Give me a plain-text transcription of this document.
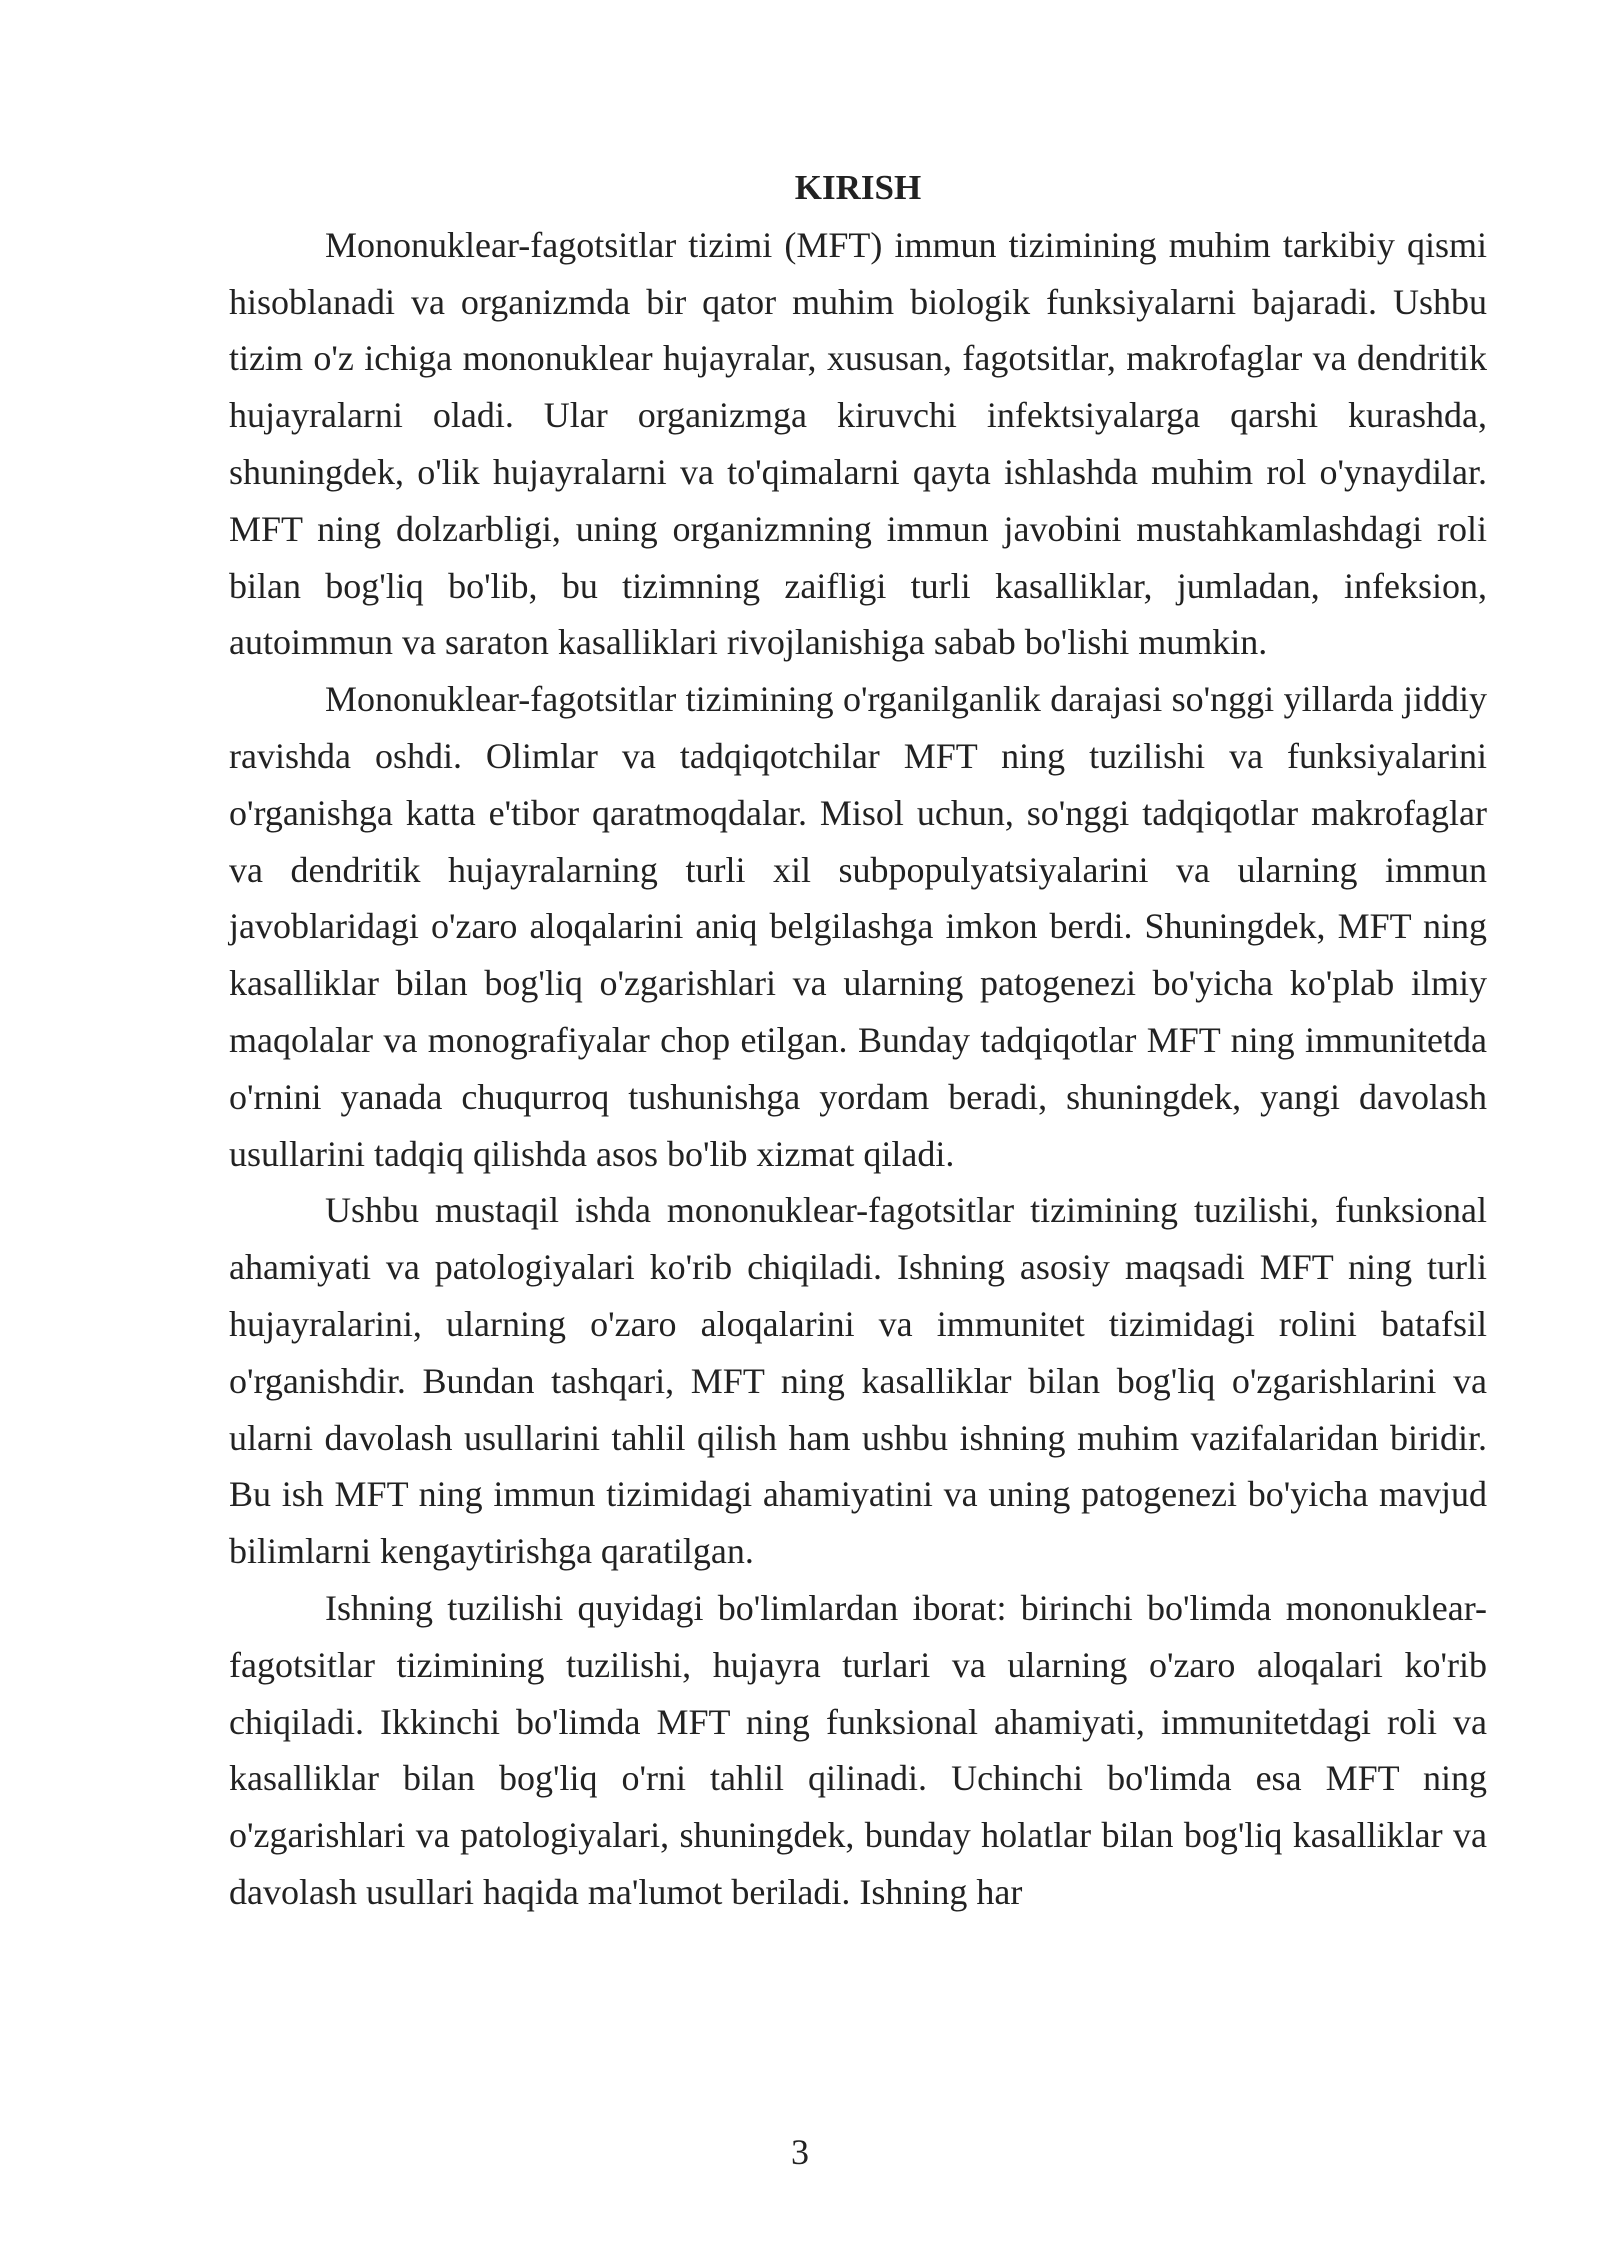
KIRISH

Mononuklear-fagotsitlar tizimi (MFT) immun tizimining muhim tarkibiy qismi hisoblanadi va organizmda bir qator muhim biologik funksiyalarni bajaradi. Ushbu tizim o'z ichiga mononuklear hujayralar, xususan, fagotsitlar, makrofaglar va dendritik hujayralarni oladi. Ular organizmga kiruvchi infektsiyalarga qarshi kurashda, shuningdek, o'lik hujayralarni va to'qimalarni qayta ishlashda muhim rol o'ynaydilar. MFT ning dolzarbligi, uning organizmning immun javobini mustahkamlashdagi roli bilan bog'liq bo'lib, bu tizimning zaifligi turli kasalliklar, jumladan, infeksion, autoimmun va saraton kasalliklari rivojlanishiga sabab bo'lishi mumkin.

Mononuklear-fagotsitlar tizimining o'rganilganlik darajasi so'nggi yillarda jiddiy ravishda oshdi. Olimlar va tadqiqotchilar MFT ning tuzilishi va funksiyalarini o'rganishga katta e'tibor qaratmoqdalar. Misol uchun, so'nggi tadqiqotlar makrofaglar va dendritik hujayralarning turli xil subpopulyatsiyalarini va ularning immun javoblaridagi o'zaro aloqalarini aniq belgilashga imkon berdi. Shuningdek, MFT ning kasalliklar bilan bog'liq o'zgarishlari va ularning patogenezi bo'yicha ko'plab ilmiy maqolalar va monografiyalar chop etilgan. Bunday tadqiqotlar MFT ning immunitetda o'rnini yanada chuqurroq tushunishga yordam beradi, shuningdek, yangi davolash usullarini tadqiq qilishda asos bo'lib xizmat qiladi.

Ushbu mustaqil ishda mononuklear-fagotsitlar tizimining tuzilishi, funksional ahamiyati va patologiyalari ko'rib chiqiladi. Ishning asosiy maqsadi MFT ning turli hujayralarini, ularning o'zaro aloqalarini va immunitet tizimidagi rolini batafsil o'rganishdir. Bundan tashqari, MFT ning kasalliklar bilan bog'liq o'zgarishlarini va ularni davolash usullarini tahlil qilish ham ushbu ishning muhim vazifalaridan biridir. Bu ish MFT ning immun tizimidagi ahamiyatini va uning patogenezi bo'yicha mavjud bilimlarni kengaytirishga qaratilgan.

Ishning tuzilishi quyidagi bo'limlardan iborat: birinchi bo'limda mononuklear-fagotsitlar tizimining tuzilishi, hujayra turlari va ularning o'zaro aloqalari ko'rib chiqiladi. Ikkinchi bo'limda MFT ning funksional ahamiyati, immunitetdagi roli va kasalliklar bilan bog'liq o'rni tahlil qilinadi. Uchinchi bo'limda esa MFT ning o'zgarishlari va patologiyalari, shuningdek, bunday holatlar bilan bog'liq kasalliklar va davolash usullari haqida ma'lumot beriladi. Ishning har

3
